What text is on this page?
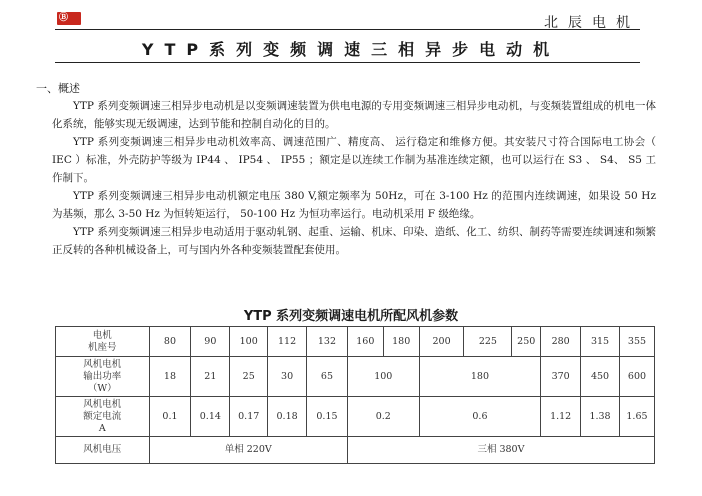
Ⓑ	北辰电机
YTP系列变频调速三相异步电动机
一、概述

YTP 系列变频调速三相异步电动机是以变频调速装置为供电电源的专用变频调速三相异步电动机，与变频装置组成的机电一体化系统，能够实现无级调速，达到节能和控制自动化的目的。

YTP 系列变频调速三相异步电动机效率高、调速范围广、精度高、 运行稳定和维修方便。其安装尺寸符合国际电工协会（ IEC ）标准，外壳防护等级为 IP44 、 IP54 、 IP55 ；额定是以连续工作制为基准连续定额，也可以运行在 S3 、 S4、 S5 工作制下。

YTP 系列变频调速三相异步电动机额定电压 380 V,额定频率为 50Hz，可在 3-100 Hz 的范围内连续调速，如果设 50 Hz 为基频，那么 3-50 Hz 为恒转矩运行， 50-100 Hz 为恒功率运行。电动机采用 F 级绝缘。

YTP 系列变频调速三相异步电动适用于驱动轧钢、起重、运输、机床、印染、造纸、化工、纺织、制药等需要连续调速和频繁正反转的各种机械设备上，可与国内外各种变频装置配套使用。

YTP 系列变频调速电机所配风机参数
电机
机座号	80	90	100	112	132	160	180	200	225	250	280	315	355
风机电机
输出功率
（W）	18	21	25	30	65	100		180			370	450	600
风机电机
额定电流
A	0.1	0.14	0.17	0.18	0.15	0.2		0.6			1.12	1.38	1.65
风机电压	单相 220V					三相 380V							
